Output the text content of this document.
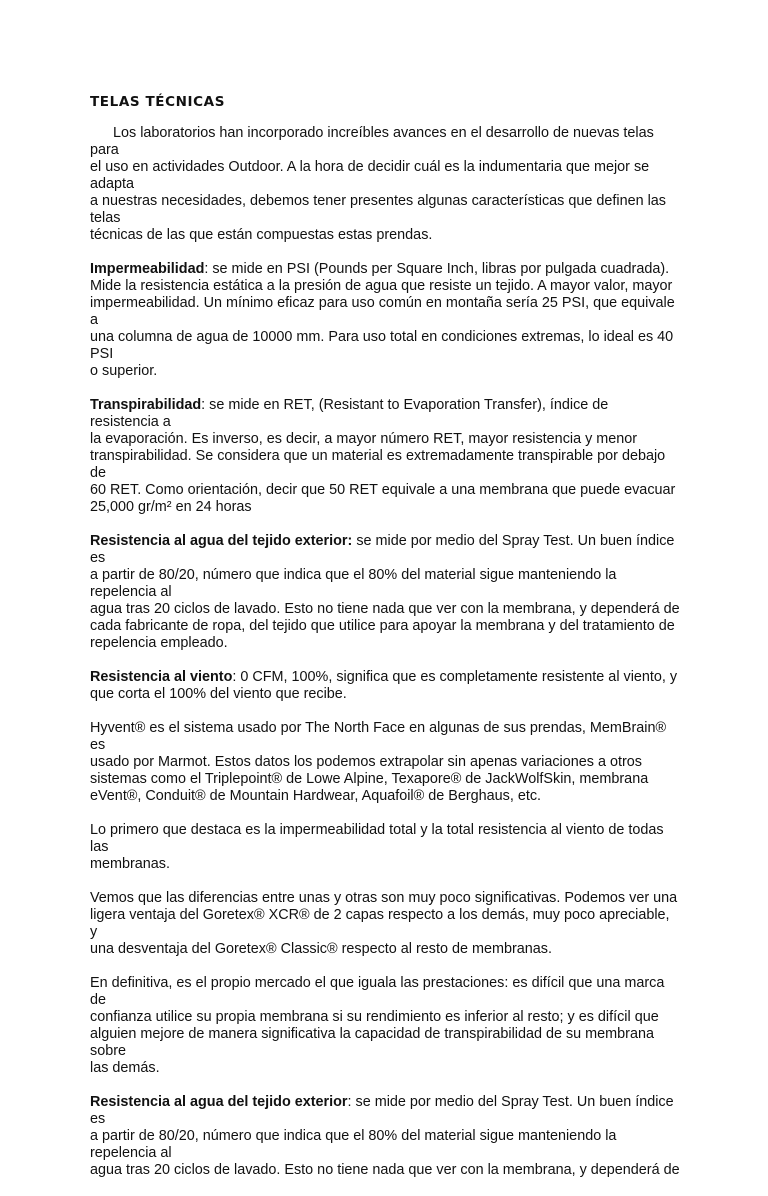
TELAS TÉCNICAS

Los laboratorios han incorporado increíbles avances en el desarrollo de nuevas telas para
el uso en actividades Outdoor. A la hora de decidir cuál es la indumentaria que mejor se adapta
a nuestras necesidades, debemos tener presentes algunas características que definen las telas
técnicas de las que están compuestas estas prendas.

Impermeabilidad: se mide en PSI (Pounds per Square Inch, libras por pulgada cuadrada).
Mide la resistencia estática a la presión de agua que resiste un tejido. A mayor valor, mayor
impermeabilidad. Un mínimo eficaz para uso común en montaña sería 25 PSI, que equivale a
una columna de agua de 10000 mm. Para uso total en condiciones extremas, lo ideal es 40 PSI
o superior.

Transpirabilidad: se mide en RET, (Resistant to Evaporation Transfer), índice de resistencia a
la evaporación. Es inverso, es decir, a mayor número RET, mayor resistencia y menor
transpirabilidad. Se considera que un material es extremadamente transpirable por debajo de
60 RET. Como orientación, decir que 50 RET equivale a una membrana que puede evacuar
25,000 gr/m² en 24 horas

Resistencia al agua del tejido exterior: se mide por medio del Spray Test. Un buen índice es
a partir de 80/20, número que indica que el 80% del material sigue manteniendo la repelencia al
agua tras 20 ciclos de lavado. Esto no tiene nada que ver con la membrana, y dependerá de
cada fabricante de ropa, del tejido que utilice para apoyar la membrana y del tratamiento de
repelencia empleado.

Resistencia al viento: 0 CFM, 100%, significa que es completamente resistente al viento, y
que corta el 100% del viento que recibe.

Hyvent® es el sistema usado por The North Face en algunas de sus prendas, MemBrain® es
usado por Marmot. Estos datos los podemos extrapolar sin apenas variaciones a otros
sistemas como el Triplepoint® de Lowe Alpine, Texapore® de JackWolfSkin, membrana
eVent®, Conduit® de Mountain Hardwear, Aquafoil® de Berghaus, etc.

Lo primero que destaca es la impermeabilidad total y la total resistencia al viento de todas las
membranas.

Vemos que las diferencias entre unas y otras son muy poco significativas. Podemos ver una
ligera ventaja del Goretex® XCR® de 2 capas respecto a los demás, muy poco apreciable, y
una desventaja del Goretex® Classic® respecto al resto de membranas.

En definitiva, es el propio mercado el que iguala las prestaciones: es difícil que una marca de
confianza utilice su propia membrana si su rendimiento es inferior al resto; y es difícil que
alguien mejore de manera significativa la capacidad de transpirabilidad de su membrana sobre
las demás.

Resistencia al agua del tejido exterior: se mide por medio del Spray Test. Un buen índice es
a partir de 80/20, número que indica que el 80% del material sigue manteniendo la repelencia al
agua tras 20 ciclos de lavado. Esto no tiene nada que ver con la membrana, y dependerá de
